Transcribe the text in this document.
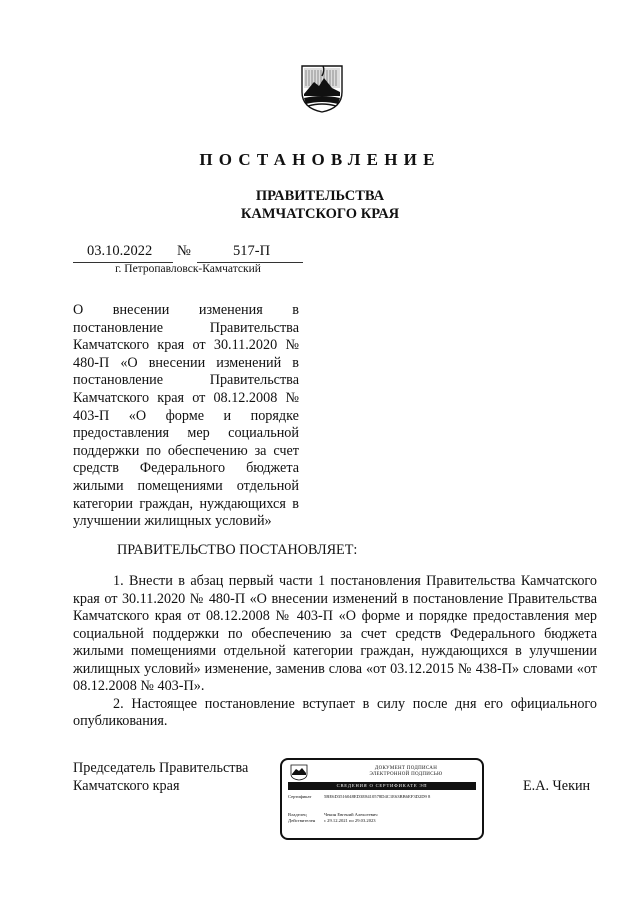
ПОСТАНОВЛЕНИЕ
ПРАВИТЕЛЬСТВА
КАМЧАТСКОГО КРАЯ
03.10.2022 №	517-П
г. Петропавловск-Камчатский
О внесении изменения в постановление Правительства Камчатского края от 30.11.2020 № 480-П «О внесении изменений в постановление Правительства Камчатского края от 08.12.2008 № 403-П «О форме и порядке предоставления мер социальной поддержки по обеспечению за счет средств Федерального бюджета жилыми помещениями отдельной категории граждан, нуждающихся в улучшении жилищных условий»
ПРАВИТЕЛЬСТВО ПОСТАНОВЛЯЕТ:

1. Внести в абзац первый части 1 постановления Правительства Камчатского края от 30.11.2020 № 480-П «О внесении изменений в постановление Правительства Камчатского края от 08.12.2008 № 403-П «О форме и порядке предоставления мер социальной поддержки по обеспечению за счет средств Федерального бюджета жилыми помещениями отдельной категории граждан, нуждающихся в улучшении жилищных условий» изменение, заменив слова «от 03.12.2015 № 438-П» словами «от 08.12.2008 № 403-П».

2. Настоящее постановление вступает в силу после дня его официального опубликования.

Председатель Правительства
Камчатского края	Е.А. Чекин
ДОКУМЕНТ ПОДПИСАН
ЭЛЕКТРОННОЙ ПОДПИСЬЮ
СВЕДЕНИЯ О СЕРТИФИКАТЕ ЭП
Сертификат	5BE6D3516048ED3E8410578D4C1E63BB6EF3D2D9 8
Владелец	Чекин Евгений Алексеевич
Действителен с 29.12.2021 по 29.03.2023
